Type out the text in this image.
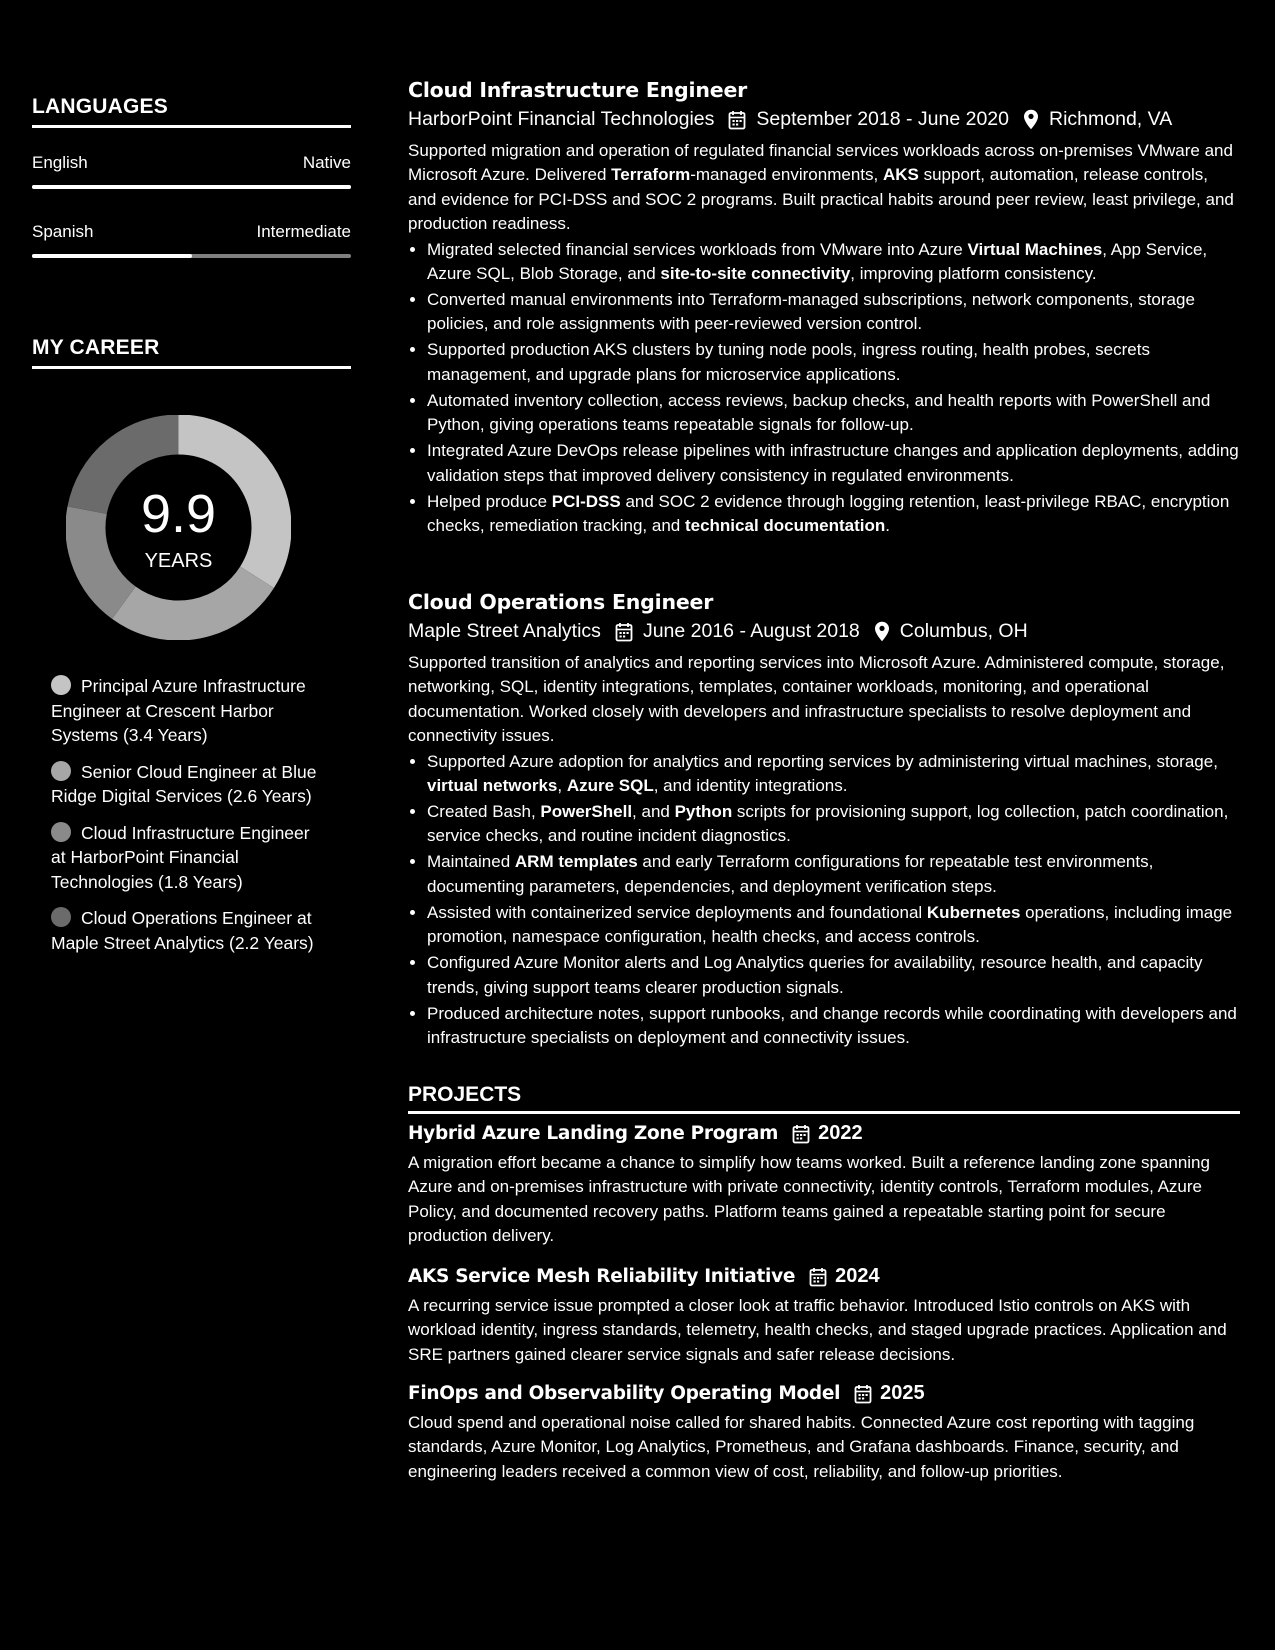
LANGUAGES
English	Native
Spanish	Intermediate
MY CAREER
9.9
YEARS
Principal Azure Infrastructure Engineer at Crescent Harbor Systems (3.4 Years)
Senior Cloud Engineer at Blue Ridge Digital Services (2.6 Years)
Cloud Infrastructure Engineer at HarborPoint Financial Technologies (1.8 Years)
Cloud Operations Engineer at Maple Street Analytics (2.2 Years)
Cloud Infrastructure Engineer
HarborPoint Financial Technologies September 2018 - June 2020 Richmond, VA
Supported migration and operation of regulated financial services workloads across on-premises VMware and Microsoft Azure. Delivered Terraform-managed environments, AKS support, automation, release controls, and evidence for PCI-DSS and SOC 2 programs. Built practical habits around peer review, least privilege, and production readiness.
• Migrated selected financial services workloads from VMware into Azure Virtual Machines, App Service, Azure SQL, Blob Storage, and site-to-site connectivity, improving platform consistency.
• Converted manual environments into Terraform-managed subscriptions, network components, storage policies, and role assignments with peer-reviewed version control.
• Supported production AKS clusters by tuning node pools, ingress routing, health probes, secrets management, and upgrade plans for microservice applications.
• Automated inventory collection, access reviews, backup checks, and health reports with PowerShell and Python, giving operations teams repeatable signals for follow-up.
• Integrated Azure DevOps release pipelines with infrastructure changes and application deployments, adding validation steps that improved delivery consistency in regulated environments.
• Helped produce PCI-DSS and SOC 2 evidence through logging retention, least-privilege RBAC, encryption checks, remediation tracking, and technical documentation.
Cloud Operations Engineer
Maple Street Analytics June 2016 - August 2018 Columbus, OH
Supported transition of analytics and reporting services into Microsoft Azure. Administered compute, storage, networking, SQL, identity integrations, templates, container workloads, monitoring, and operational documentation. Worked closely with developers and infrastructure specialists to resolve deployment and connectivity issues.
• Supported Azure adoption for analytics and reporting services by administering virtual machines, storage, virtual networks, Azure SQL, and identity integrations.
• Created Bash, PowerShell, and Python scripts for provisioning support, log collection, patch coordination, service checks, and routine incident diagnostics.
• Maintained ARM templates and early Terraform configurations for repeatable test environments, documenting parameters, dependencies, and deployment verification steps.
• Assisted with containerized service deployments and foundational Kubernetes operations, including image promotion, namespace configuration, health checks, and access controls.
• Configured Azure Monitor alerts and Log Analytics queries for availability, resource health, and capacity trends, giving support teams clearer production signals.
• Produced architecture notes, support runbooks, and change records while coordinating with developers and infrastructure specialists on deployment and connectivity issues.
PROJECTS
Hybrid Azure Landing Zone Program 2022
A migration effort became a chance to simplify how teams worked. Built a reference landing zone spanning Azure and on-premises infrastructure with private connectivity, identity controls, Terraform modules, Azure Policy, and documented recovery paths. Platform teams gained a repeatable starting point for secure production delivery.
AKS Service Mesh Reliability Initiative 2024
A recurring service issue prompted a closer look at traffic behavior. Introduced Istio controls on AKS with workload identity, ingress standards, telemetry, health checks, and staged upgrade practices. Application and SRE partners gained clearer service signals and safer release decisions.
FinOps and Observability Operating Model 2025
Cloud spend and operational noise called for shared habits. Connected Azure cost reporting with tagging standards, Azure Monitor, Log Analytics, Prometheus, and Grafana dashboards. Finance, security, and engineering leaders received a common view of cost, reliability, and follow-up priorities.
